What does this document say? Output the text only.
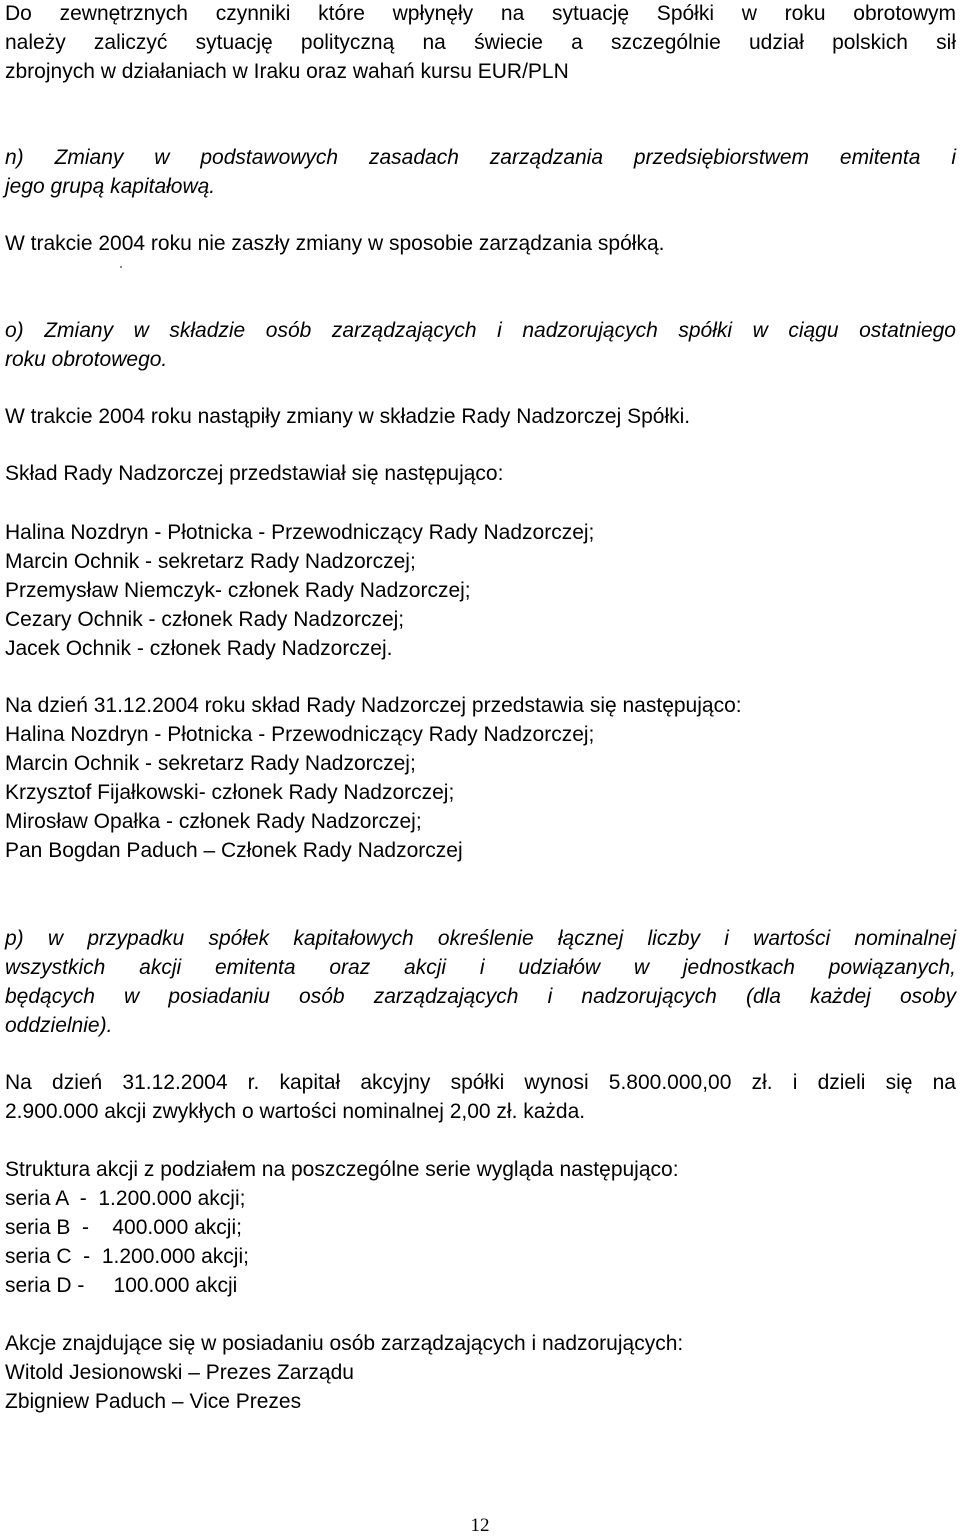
Do zewnętrznych czynniki które wpłynęły na sytuację Spółki w roku obrotowym
należy zaliczyć sytuację polityczną na świecie a szczególnie udział polskich sił
zbrojnych w działaniach w Iraku oraz wahań kursu EUR/PLN
n) Zmiany w podstawowych zasadach zarządzania przedsiębiorstwem emitenta i
jego grupą kapitałową.
W trakcie 2004 roku nie zaszły zmiany w sposobie zarządzania spółką.
o) Zmiany w składzie osób zarządzających i nadzorujących spółki w ciągu ostatniego
roku obrotowego.
W trakcie 2004 roku nastąpiły zmiany w składzie Rady Nadzorczej Spółki.
Skład Rady Nadzorczej przedstawiał się następująco:
Halina Nozdryn - Płotnicka - Przewodniczący Rady Nadzorczej;
Marcin Ochnik - sekretarz Rady Nadzorczej;
Przemysław Niemczyk- członek Rady Nadzorczej;
Cezary Ochnik - członek Rady Nadzorczej;
Jacek Ochnik - członek Rady Nadzorczej.
Na dzień 31.12.2004 roku skład Rady Nadzorczej przedstawia się następująco:
Halina Nozdryn - Płotnicka - Przewodniczący Rady Nadzorczej;
Marcin Ochnik - sekretarz Rady Nadzorczej;
Krzysztof Fijałkowski- członek Rady Nadzorczej;
Mirosław Opałka - członek Rady Nadzorczej;
Pan Bogdan Paduch – Członek Rady Nadzorczej
p) w przypadku spółek kapitałowych określenie łącznej liczby i wartości nominalnej
wszystkich akcji emitenta oraz akcji i udziałów w jednostkach powiązanych,
będących w posiadaniu osób zarządzających i nadzorujących (dla każdej osoby
oddzielnie).
Na dzień 31.12.2004 r. kapitał akcyjny spółki wynosi 5.800.000,00 zł. i dzieli się na
2.900.000 akcji zwykłych o wartości nominalnej 2,00 zł. każda.
Struktura akcji z podziałem na poszczególne serie wygląda następująco:
seria A  -  1.200.000 akcji;
seria B  -    400.000 akcji;
seria C  -  1.200.000 akcji;
seria D -     100.000 akcji
Akcje znajdujące się w posiadaniu osób zarządzających i nadzorujących:
Witold Jesionowski – Prezes Zarządu
Zbigniew Paduch – Vice Prezes
12
